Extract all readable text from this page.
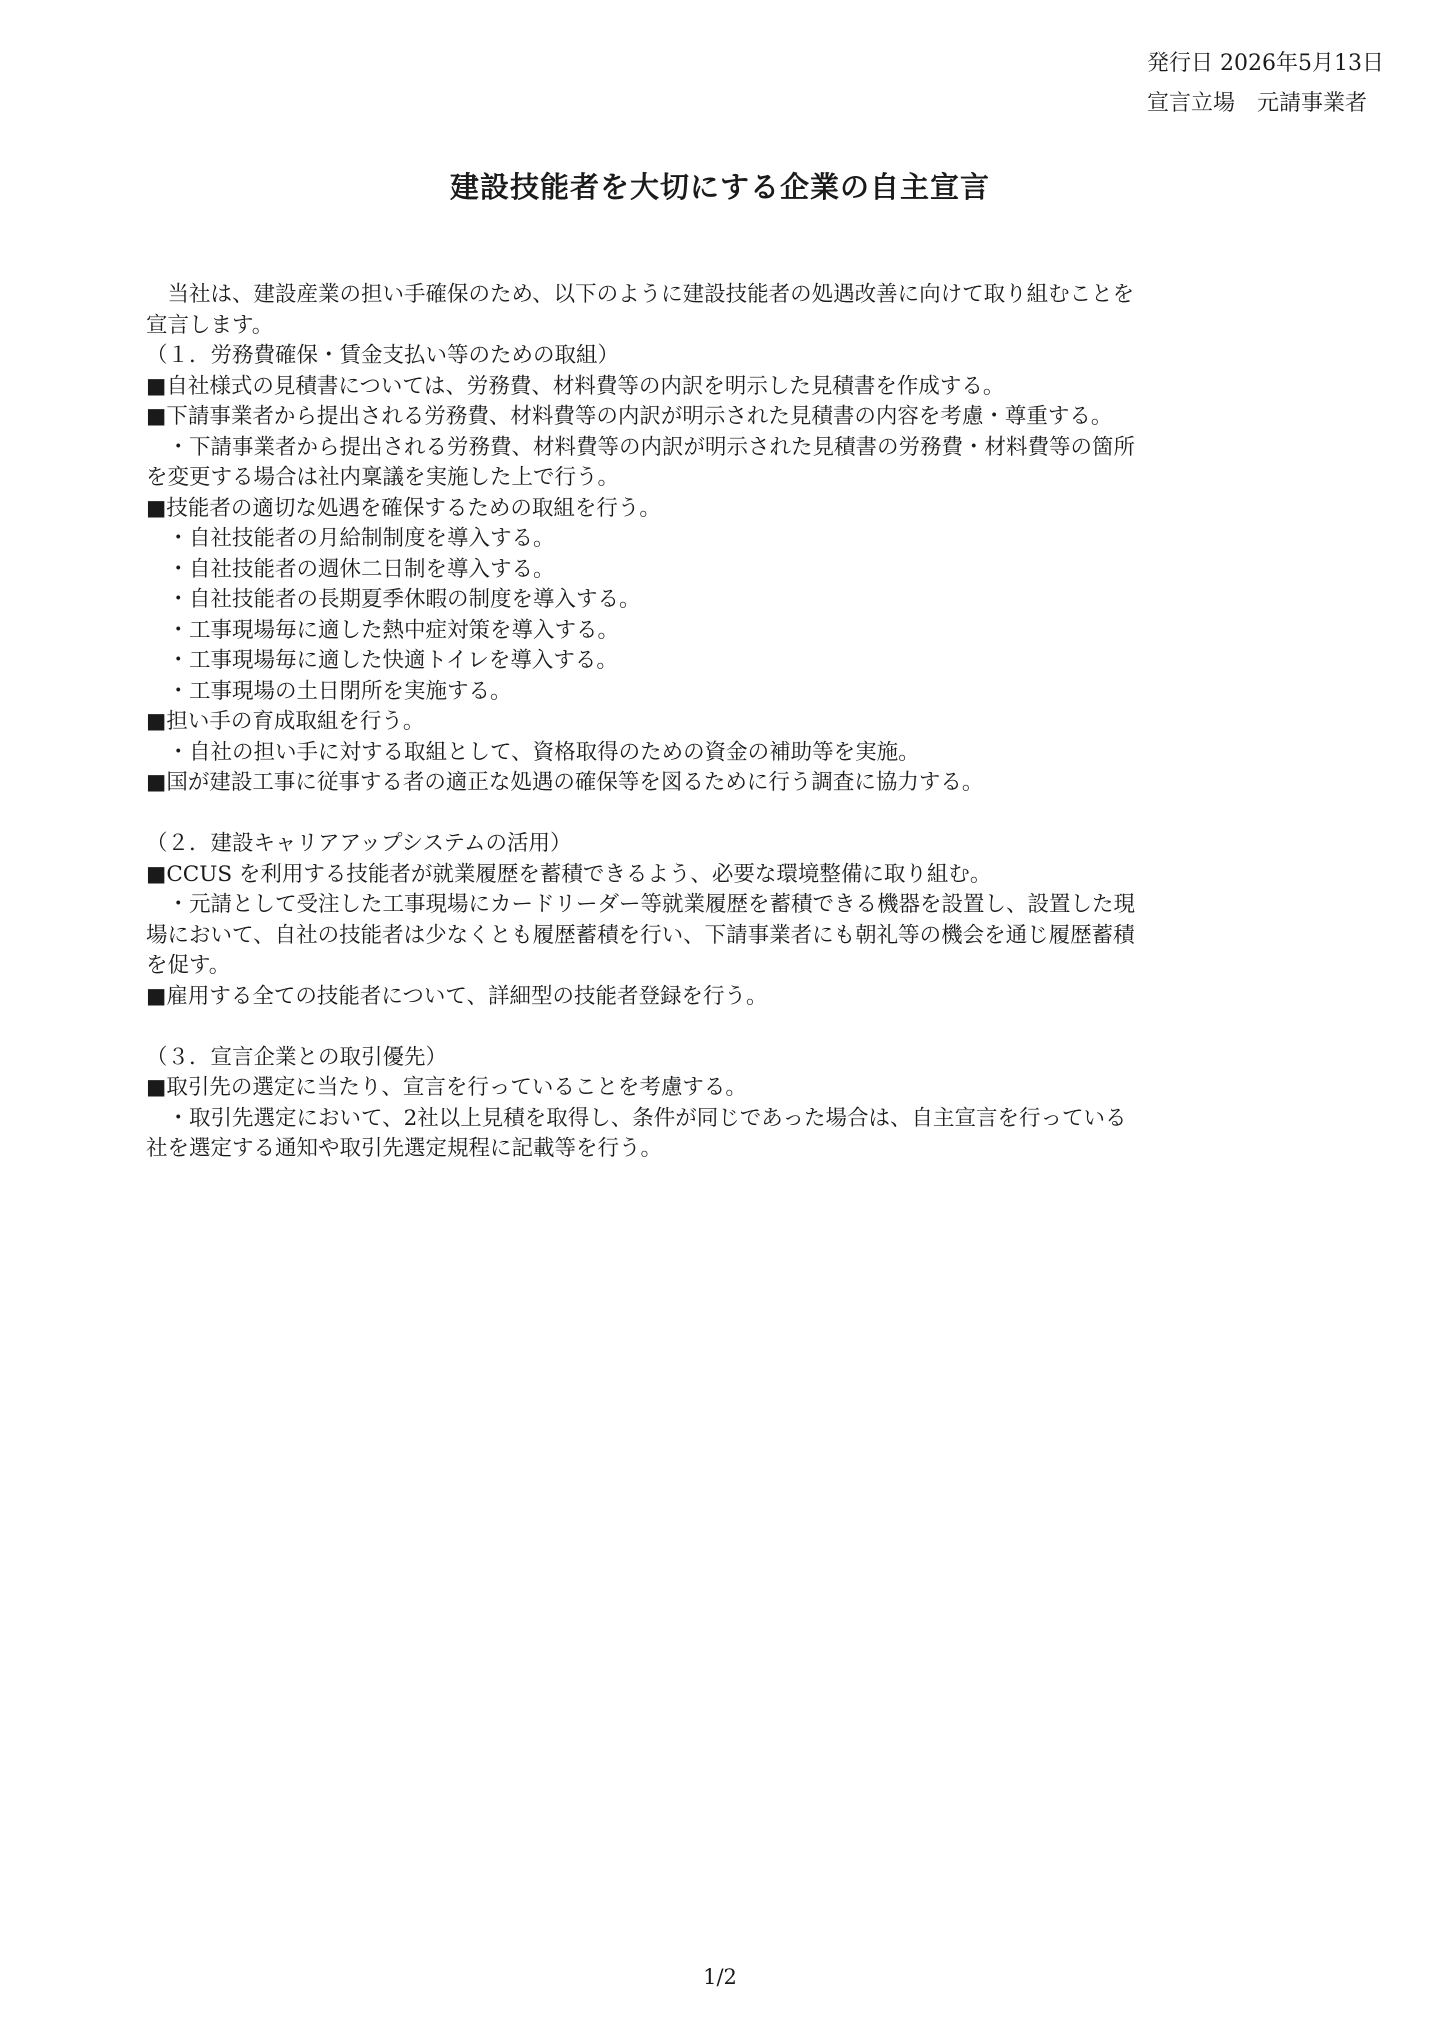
発行日 2026年5月13日
宣言立場　元請事業者
建設技能者を大切にする企業の自主宣言
　当社は、建設産業の担い手確保のため、以下のように建設技能者の処遇改善に向けて取り組むことを
宣言します。
（１．労務費確保・賃金支払い等のための取組）
■自社様式の見積書については、労務費、材料費等の内訳を明示した見積書を作成する。
■下請事業者から提出される労務費、材料費等の内訳が明示された見積書の内容を考慮・尊重する。
　・下請事業者から提出される労務費、材料費等の内訳が明示された見積書の労務費・材料費等の箇所
を変更する場合は社内稟議を実施した上で行う。
■技能者の適切な処遇を確保するための取組を行う。
　・自社技能者の月給制制度を導入する。
　・自社技能者の週休二日制を導入する。
　・自社技能者の長期夏季休暇の制度を導入する。
　・工事現場毎に適した熱中症対策を導入する。
　・工事現場毎に適した快適トイレを導入する。
　・工事現場の土日閉所を実施する。
■担い手の育成取組を行う。
　・自社の担い手に対する取組として、資格取得のための資金の補助等を実施。
■国が建設工事に従事する者の適正な処遇の確保等を図るために行う調査に協力する。
（２．建設キャリアアップシステムの活用）
■CCUS を利用する技能者が就業履歴を蓄積できるよう、必要な環境整備に取り組む。
　・元請として受注した工事現場にカードリーダー等就業履歴を蓄積できる機器を設置し、設置した現
場において、自社の技能者は少なくとも履歴蓄積を行い、下請事業者にも朝礼等の機会を通じ履歴蓄積
を促す。
■雇用する全ての技能者について、詳細型の技能者登録を行う。
（３．宣言企業との取引優先）
■取引先の選定に当たり、宣言を行っていることを考慮する。
　・取引先選定において、2社以上見積を取得し、条件が同じであった場合は、自主宣言を行っている
社を選定する通知や取引先選定規程に記載等を行う。
1/2
